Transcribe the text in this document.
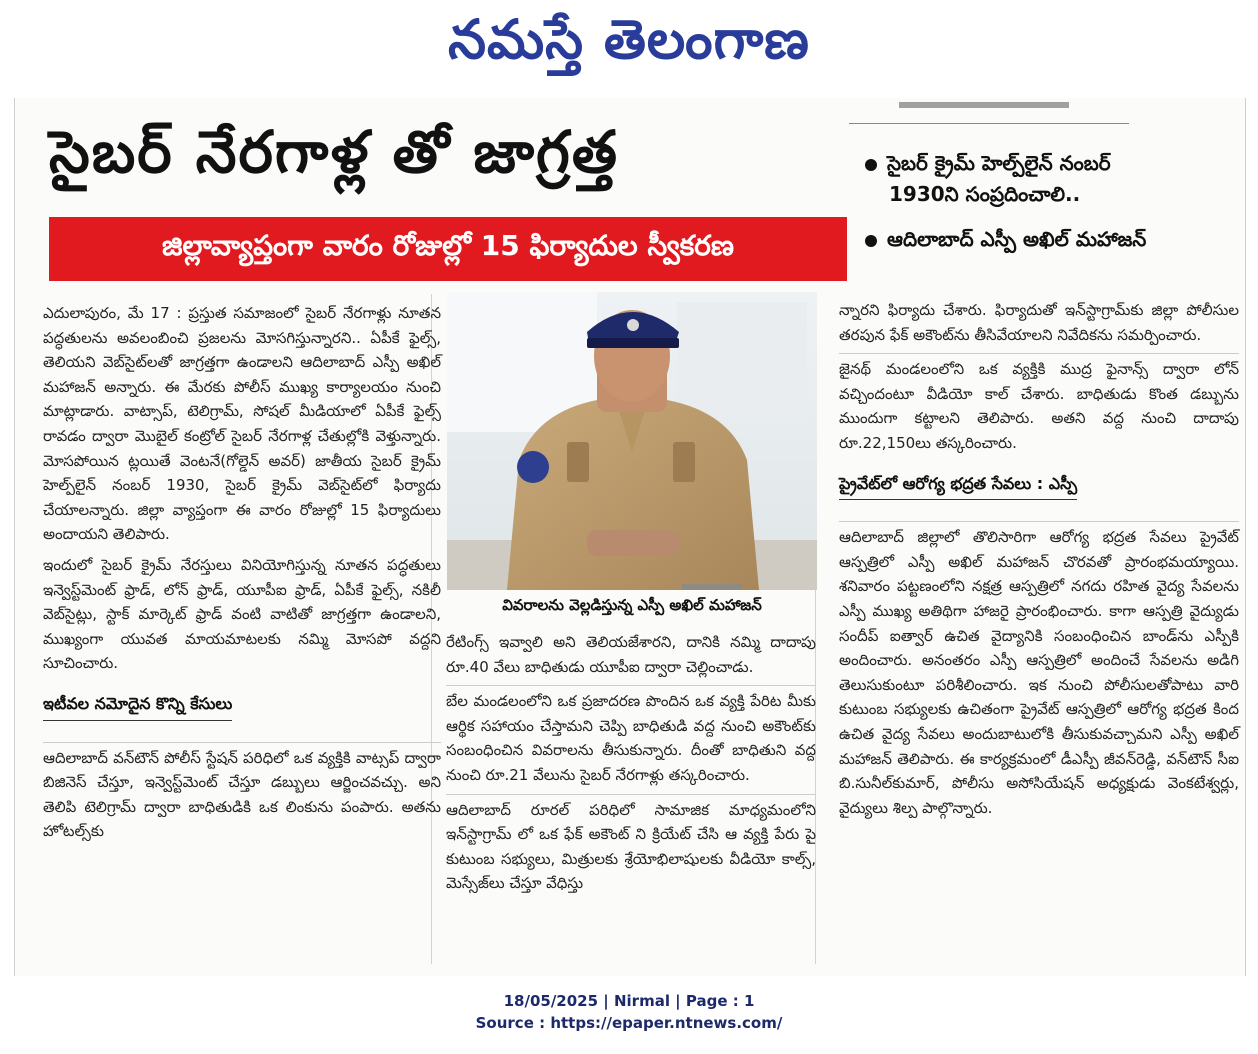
నమస్తే తెలంగాణ
సైబర్ నేరగాళ్ల తో జాగ్రత్త
జిల్లావ్యాప్తంగా వారం రోజుల్లో 15 ఫిర్యాదుల స్వీకరణ
సైబర్ క్రైమ్ హెల్ప్‌లైన్ నంబర్
1930ని సంప్రదించాలి..
ఆదిలాబాద్ ఎస్పీ అఖిల్ మహాజన్

ఎదులాపురం, మే 17 : ప్రస్తుత సమాజంలో సైబర్ నేరగాళ్లు నూతన పద్ధతులను అవలంబించి ప్రజలను మోసగిస్తున్నారని.. ఏపీకే ఫైల్స్, తెలియని వెబ్‌సైట్‌లతో జాగ్రత్తగా ఉండాలని ఆదిలాబాద్ ఎస్పీ అఖిల్ మహాజన్ అన్నారు. ఈ మేరకు పోలీస్ ముఖ్య కార్యాలయం నుంచి మాట్లాడారు. వాట్సాప్, టెలిగ్రామ్, సోషల్ మీడియాలో ఏపీకే ఫైల్స్ రావడం ద్వారా మొబైల్ కంట్రోల్ సైబర్ నేరగాళ్ల చేతుల్లోకి వెళ్తున్నారు. మోసపోయిన ట్లయితే వెంటనే(గోల్డెన్ అవర్) జాతీయ సైబర్ క్రైమ్ హెల్ప్‌లైన్ నంబర్ 1930, సైబర్ క్రైమ్ వెబ్‌సైట్‌లో ఫిర్యాదు చేయాలన్నారు. జిల్లా వ్యాప్తంగా ఈ వారం రోజుల్లో 15 ఫిర్యాదులు అందాయని తెలిపారు.

ఇందులో సైబర్ క్రైమ్ నేరస్తులు వినియోగిస్తున్న నూతన పద్ధతులు ఇన్వెస్ట్‌మెంట్ ఫ్రాడ్, లోన్ ఫ్రాడ్, యూపీఐ ఫ్రాడ్, ఏపీకే ఫైల్స్, నకిలీ వెబ్‌సైట్లు, స్టాక్ మార్కెట్ ఫ్రాడ్ వంటి వాటితో జాగ్రత్తగా ఉండాలని, ముఖ్యంగా యువత మాయమాటలకు నమ్మి మోసపో వద్దని సూచించారు.

ఇటీవల నమోదైన కొన్ని కేసులు

ఆదిలాబాద్ వన్‌టౌన్ పోలీస్ స్టేషన్ పరిధిలో ఒక వ్యక్తికి వాట్సప్ ద్వారా బిజినెస్ చేస్తూ, ఇన్వెస్ట్‌మెంట్ చేస్తూ డబ్బులు ఆర్జించవచ్చు. అని తెలిపి టెలిగ్రామ్ ద్వారా బాధితుడికి ఒక లింకును పంపారు. అతను హోటల్స్‌కు

వివరాలను వెల్లడిస్తున్న ఎస్పీ అఖిల్ మహాజన్

రేటింగ్స్ ఇవ్వాలి అని తెలియజేశారని, దానికి నమ్మి దాదాపు రూ.40 వేలు బాధితుడు యూపీఐ ద్వారా చెల్లించాడు.

బేల మండలంలోని ఒక ప్రజాదరణ పొందిన ఒక వ్యక్తి పేరిట మీకు ఆర్థిక సహాయం చేస్తామని చెప్పి బాధితుడి వద్ద నుంచి అకౌంట్‌కు సంబంధించిన వివరాలను తీసుకున్నారు. దీంతో బాధితుని వద్ద నుంచి రూ.21 వేలును సైబర్ నేరగాళ్లు తస్కరించారు.

ఆదిలాబాద్ రూరల్ పరిధిలో సామాజిక మాధ్యమంలోని ఇన్‌స్టాగ్రామ్ లో ఒక ఫేక్ అకౌంట్ ని క్రియేట్ చేసి ఆ వ్యక్తి పేరు పై కుటుంబ సభ్యులు, మిత్రులకు శ్రేయోభిలాషులకు వీడియో కాల్స్, మెస్సేజ్‌లు చేస్తూ వేధిస్తు

న్నారని ఫిర్యాదు చేశారు. ఫిర్యాదుతో ఇన్‌స్టాగ్రామ్‌కు జిల్లా పోలీసుల తరపున ఫేక్ అకౌంట్‌ను తీసివేయాలని నివేదికను సమర్పించారు.

జైనథ్ మండలంలోని ఒక వ్యక్తికి ముద్ర ఫైనాన్స్ ద్వారా లోన్ వచ్చిందంటూ వీడియో కాల్ చేశారు. బాధితుడు కొంత డబ్బును ముందుగా కట్టాలని తెలిపారు. అతని వద్ద నుంచి దాదాపు రూ.22,150లు తస్కరించారు.

ప్రైవేట్‌లో ఆరోగ్య భద్రత సేవలు : ఎస్పీ

ఆదిలాబాద్ జిల్లాలో తొలిసారిగా ఆరోగ్య భద్రత సేవలు ప్రైవేట్ ఆస్పత్రిలో ఎస్పీ అఖిల్ మహాజన్ చొరవతో ప్రారంభమయ్యాయి. శనివారం పట్టణంలోని నక్షత్ర ఆస్పత్రిలో నగదు రహిత వైద్య సేవలను ఎస్పీ ముఖ్య అతిథిగా హాజరై ప్రారంభించారు. కాగా ఆస్పత్రి వైద్యుడు సందీప్ ఐత్వార్ ఉచిత వైద్యానికి సంబంధించిన బాండ్‌ను ఎస్పీకి అందించారు. అనంతరం ఎస్పీ ఆస్పత్రిలో అందించే సేవలను అడిగి తెలుసుకుంటూ పరిశీలించారు. ఇక నుంచి పోలీసులతోపాటు వారి కుటుంబ సభ్యులకు ఉచితంగా ప్రైవేట్ ఆస్పత్రిలో ఆరోగ్య భద్రత కింద ఉచిత వైద్య సేవలు అందుబాటులోకి తీసుకువచ్చామని ఎస్పీ అఖిల్ మహాజన్ తెలిపారు. ఈ కార్యక్రమంలో డీఎస్పీ జీవన్‌రెడ్డి, వన్‌టౌన్ సీఐ బి.సునీల్‌కుమార్, పోలీసు అసోసియేషన్ అధ్యక్షుడు వెంకటేశ్వర్లు, వైద్యులు శిల్ప పాల్గొన్నారు.

18/05/2025 | Nirmal | Page : 1
Source : https://epaper.ntnews.com/
